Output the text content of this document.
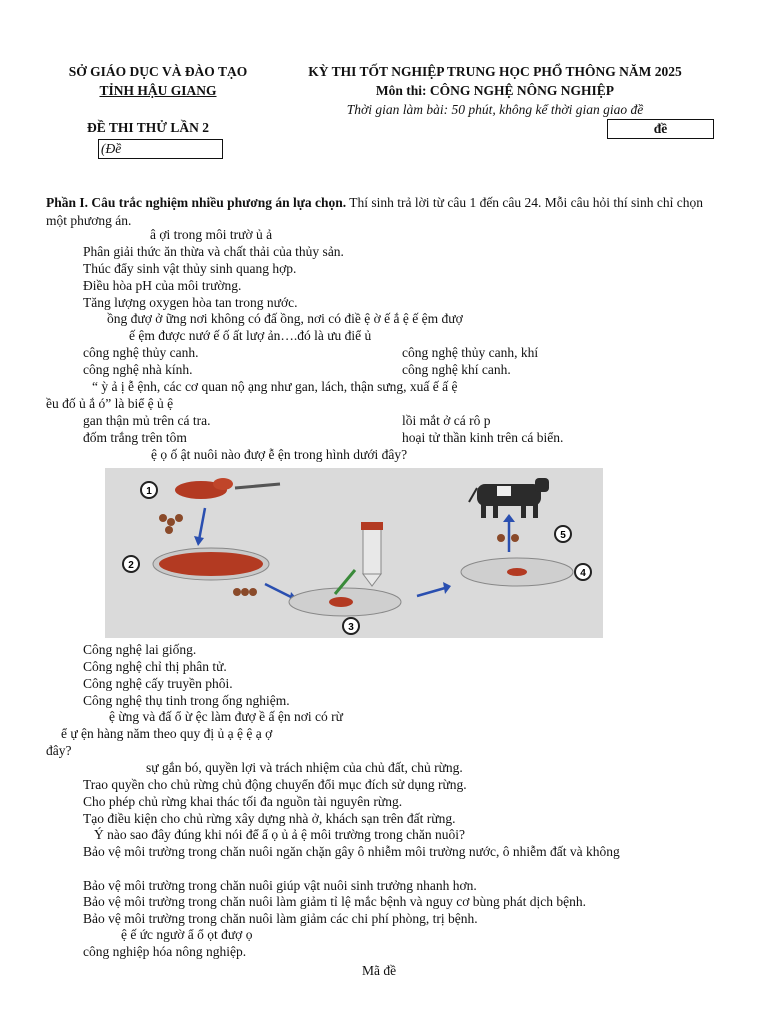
SỞ GIÁO DỤC VÀ ĐÀO TẠO
TỈNH HẬU GIANG
KỲ THI TỐT NGHIỆP TRUNG HỌC PHỔ THÔNG NĂM 2025
Môn thi: CÔNG NGHỆ NÔNG NGHIỆP
Thời gian làm bài: 50 phút, không kể thời gian giao đề
ĐỀ THI THỬ LẦN 2	đề
(Đề
Phần I. Câu trắc nghiệm nhiều phương án lựa chọn. Thí sinh trả lời từ câu 1 đến câu 24. Mỗi câu hỏi thí sinh chỉ chọn một phương án.
â ợi trong môi trườ ủ ả
Phân giải thức ăn thừa và chất thải của thủy sản.
Thúc đẩy sinh vật thủy sinh quang hợp.
Điều hòa pH của môi trường.
Tăng lượng oxygen hòa tan trong nước.
ồng đượ ở ững nơi không có đấ ồng, nơi có điề ệ ờ ế ắ ệ ế ệm đượ
ế ệm được nướ ế ố ất lượ ản….đó là ưu điể ủ
công nghệ thủy canh.	công nghệ thủy canh, khí
công nghệ nhà kính.	công nghệ khí canh.
“ ỳ ả ị ễ ệnh, các cơ quan nộ ạng như gan, lách, thận sưng, xuấ ế ấ ệ
ều đố ủ ắ ó” là biể ệ ủ ệ
gan thận mủ trên cá tra.	lồi mắt ở cá rô p
đốm trắng trên tôm	hoại tử thần kinh trên cá biển.
ệ ọ ố ật nuôi nào đượ ễ ện trong hình dưới đây?
1
2
3
4
5
Công nghệ lai giống.
Công nghệ chỉ thị phân tử.
Công nghệ cấy truyền phôi.
Công nghệ thụ tinh trong ống nghiệm.
ệ ừng và đấ ổ ừ ệc làm đượ ề ấ ện nơi có rừ
ể ự ện hàng năm theo quy đị ủ ạ ệ ệ ạ ợ
đây?
sự gắn bó, quyền lợi và trách nhiệm của chủ đất, chủ rừng.
Trao quyền cho chủ rừng chủ động chuyển đổi mục đích sử dụng rừng.
Cho phép chủ rừng khai thác tối đa nguồn tài nguyên rừng.
Tạo điều kiện cho chủ rừng xây dựng nhà ở, khách sạn trên đất rừng.
Ý nào sao đây đúng khi nói để ẩ ọ ủ ả ệ môi trường trong chăn nuôi?
Bảo vệ môi trường trong chăn nuôi ngăn chặn gây ô nhiễm môi trường nước, ô nhiễm đất và không
Bảo vệ môi trường trong chăn nuôi giúp vật nuôi sinh trưởng nhanh hơn.
Bảo vệ môi trường trong chăn nuôi làm giảm tỉ lệ mắc bệnh và nguy cơ bùng phát dịch bệnh.
Bảo vệ môi trường trong chăn nuôi làm giảm các chi phí phòng, trị bệnh.
ệ ế ức ngườ ẩ ổ ọt đượ ọ
công nghiệp hóa nông nghiệp.
Mã đề
